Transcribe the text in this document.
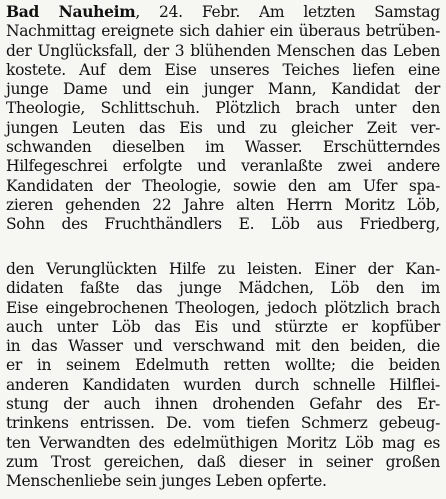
Bad Nauheim, 24. Febr. Am letzten Samstag
Nachmittag ereignete sich dahier ein überaus betrüben-
der Unglücksfall, der 3 blühenden Menschen das Leben
kostete. Auf dem Eise unseres Teiches liefen eine
junge Dame und ein junger Mann, Kandidat der
Theologie, Schlittschuh. Plötzlich brach unter den
jungen Leuten das Eis und zu gleicher Zeit ver-
schwanden dieselben im Wasser. Erschütterndes
Hilfegeschrei erfolgte und veranlaßte zwei andere
Kandidaten der Theologie, sowie den am Ufer spa-
zieren gehenden 22 Jahre alten Herrn Moritz Löb,
Sohn des Fruchthändlers E. Löb aus Friedberg,
den Verunglückten Hilfe zu leisten. Einer der Kan-
didaten faßte das junge Mädchen, Löb den im
Eise eingebrochenen Theologen, jedoch plötzlich brach
auch unter Löb das Eis und stürzte er kopfüber
in das Wasser und verschwand mit den beiden, die
er in seinem Edelmuth retten wollte; die beiden
anderen Kandidaten wurden durch schnelle Hilflei-
stung der auch ihnen drohenden Gefahr des Er-
trinkens entrissen. De. vom tiefen Schmerz gebeug-
ten Verwandten des edelmüthigen Moritz Löb mag es
zum Trost gereichen, daß dieser in seiner großen
Menschenliebe sein junges Leben opferte.
